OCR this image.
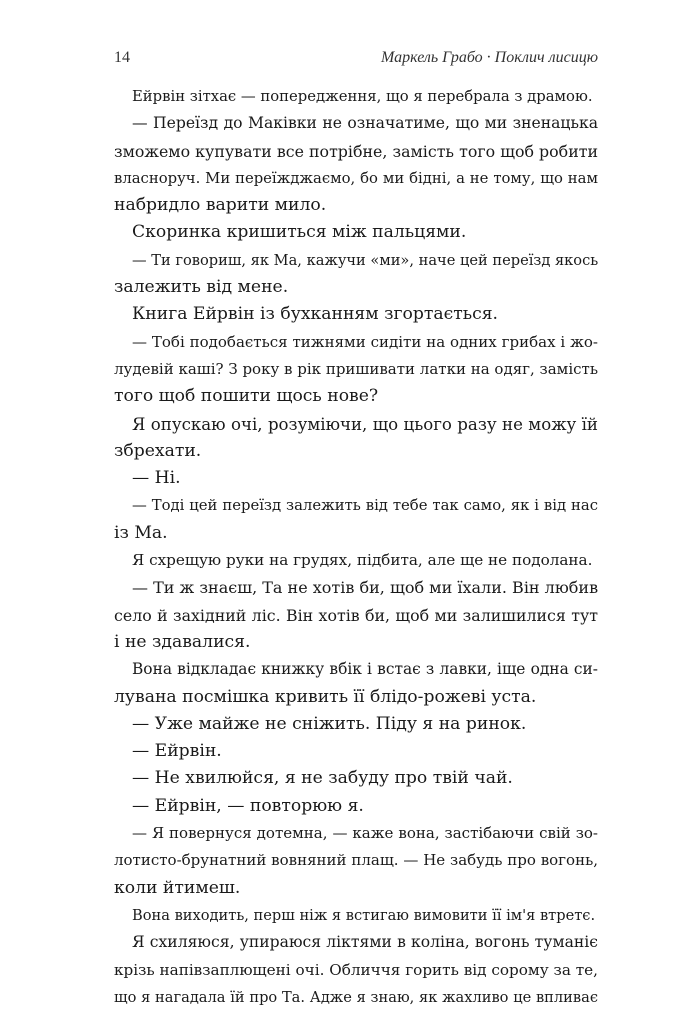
14	Маркель Грабо · Поклич лисицю
Ейрвін зітхає — попередження, що я перебрала з драмою.
— Переїзд до Маківки не означатиме, що ми зненацька
зможемо купувати все потрібне, замість того щоб робити
власноруч. Ми переїжджаємо, бо ми бідні, а не тому, що нам
набридло варити мило.
Скоринка кришиться між пальцями.
— Ти говориш, як Ма, кажучи «ми», наче цей переїзд якось
залежить від мене.
Книга Ейрвін із бухканням згортається.
— Тобі подобається тижнями сидіти на одних грибах і жо-
лудевій каші? З року в рік пришивати латки на одяг, замість
того щоб пошити щось нове?
Я опускаю очі, розуміючи, що цього разу не можу їй
збрехати.
— Ні.
— Тоді цей переїзд залежить від тебе так само, як і від нас
із Ма.
Я схрещую руки на грудях, підбита, але ще не подолана.
— Ти ж знаєш, Та не хотів би, щоб ми їхали. Він любив
село й західний ліс. Він хотів би, щоб ми залишилися тут
і не здавалися.
Вона відкладає книжку вбік і встає з лавки, іще одна си-
лувана посмішка кривить її блідо-рожеві уста.
— Уже майже не сніжить. Піду я на ринок.
— Ейрвін.
— Не хвилюйся, я не забуду про твій чай.
— Ейрвін, — повторюю я.
— Я повернуся дотемна, — каже вона, застібаючи свій зо-
лотисто-брунатний вовняний плащ. — Не забудь про вогонь,
коли йтимеш.
Вона виходить, перш ніж я встигаю вимовити її ім'я втретє.
Я схиляюся, упираюся ліктями в коліна, вогонь туманіє
крізь напівзаплющені очі. Обличчя горить від сорому за те,
що я нагадала їй про Та. Адже я знаю, як жахливо це впливає
